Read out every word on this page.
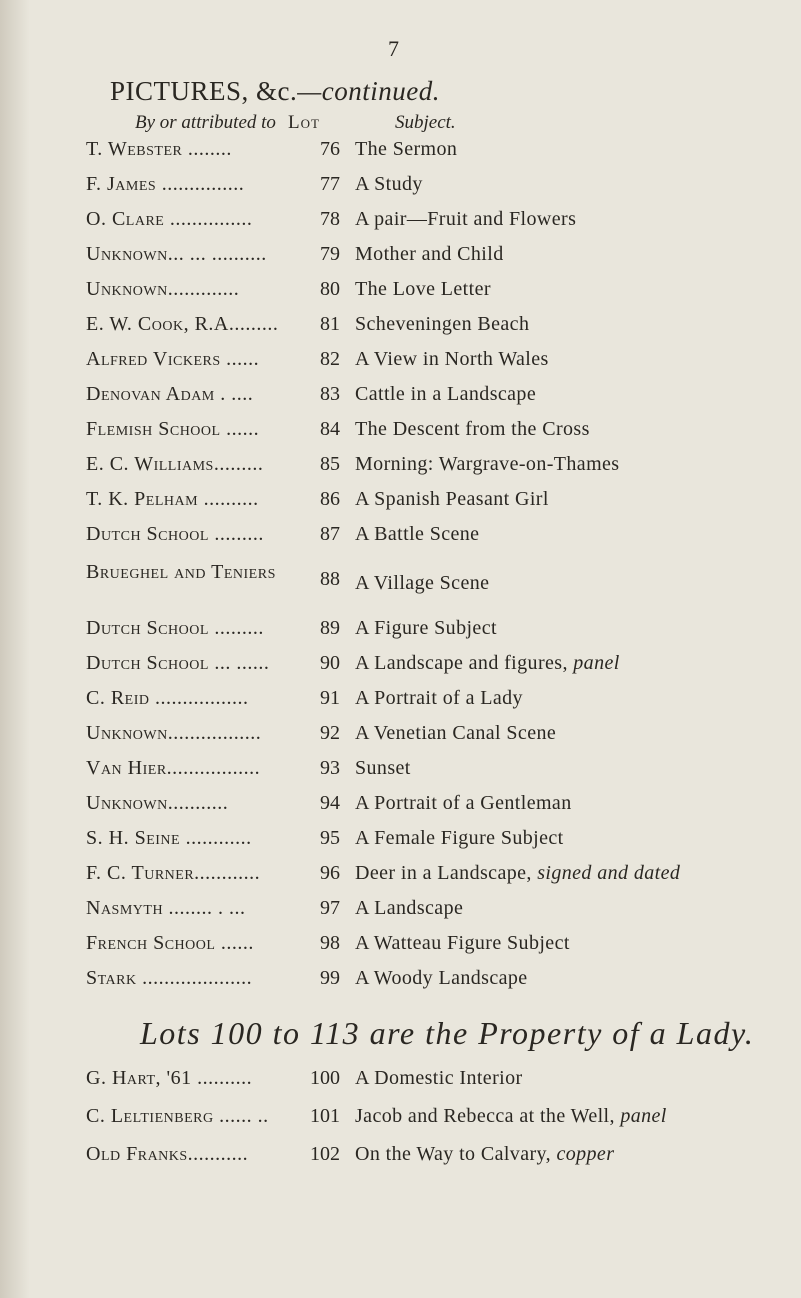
7
PICTURES, &c.—continued.
By or attributed to Lot	Subject.
T. Webster ........	76 The Sermon
F. James ...............	77 A Study
O. Clare ...............	78 A pair—Fruit and Flowers
Unknown... ... ..........	79 Mother and Child
Unknown.............	80 The Love Letter
E. W. Cook, R.A.........	81 Scheveningen Beach
Alfred Vickers ......	82 A View in North Wales
Denovan Adam . ....	83 Cattle in a Landscape
Flemish School ......	84 The Descent from the Cross
E. C. Williams.........	85 Morning: Wargrave-on-Thames
T. K. Pelham ..........	86 A Spanish Peasant Girl
Dutch School .........	87 A Battle Scene
Brueghel and Teniers	88 A Village Scene
Dutch School .........	89 A Figure Subject
Dutch School ... ......	90 A Landscape and figures, panel
C. Reid .................	91 A Portrait of a Lady
Unknown.................	92 A Venetian Canal Scene
Van Hier.................	93 Sunset
Unknown...........	94 A Portrait of a Gentleman
S. H. Seine ............	95 A Female Figure Subject
F. C. Turner............	96 Deer in a Landscape, signed and dated
Nasmyth ........ . ...	97 A Landscape
French School ......	98 A Watteau Figure Subject
Stark ....................	99 A Woody Landscape
Lots 100 to 113 are the Property of a Lady.
G. Hart, '61 ..........	100 A Domestic Interior
C. Leltienberg ...... ..	101 Jacob and Rebecca at the Well, panel
Old Franks...........	102 On the Way to Calvary, copper
